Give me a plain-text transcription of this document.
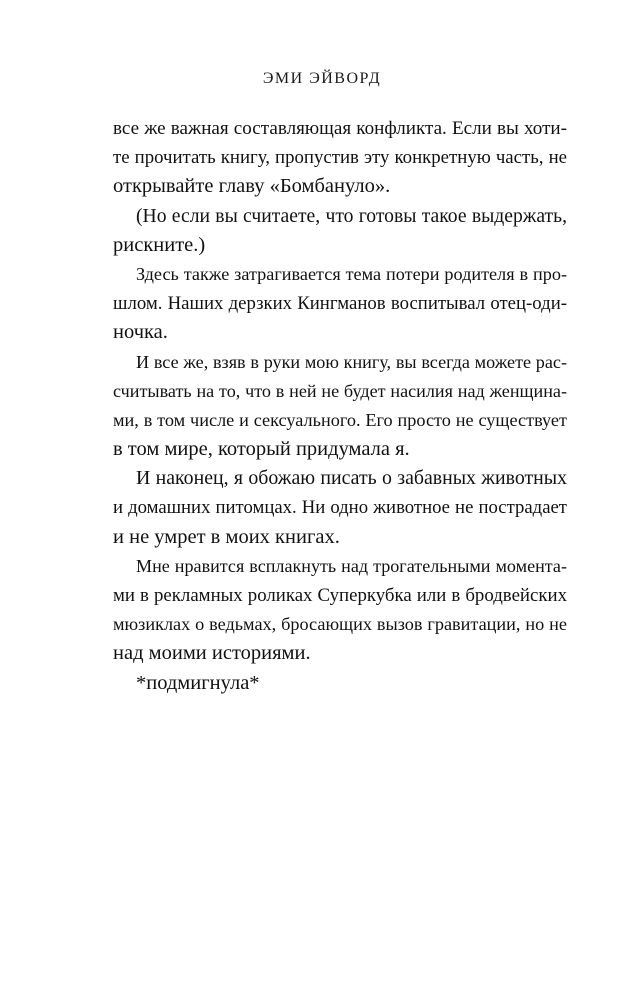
ЭМИ ЭЙВОРД
все же важная составляющая конфликта. Если вы хоти-
те прочитать книгу, пропустив эту конкретную часть, не
открывайте главу «Бомбануло».
(Но если вы считаете, что готовы такое выдержать,
рискните.)
Здесь также затрагивается тема потери родителя в про-
шлом. Наших дерзких Кингманов воспитывал отец-оди-
ночка.
И все же, взяв в руки мою книгу, вы всегда можете рас-
считывать на то, что в ней не будет насилия над женщина-
ми, в том числе и сексуального. Его просто не существует
в том мире, который придумала я.
И наконец, я обожаю писать о забавных животных
и домашних питомцах. Ни одно животное не пострадает
и не умрет в моих книгах.
Мне нравится всплакнуть над трогательными момента-
ми в рекламных роликах Суперкубка или в бродвейских
мюзиклах о ведьмах, бросающих вызов гравитации, но не
над моими историями.
*подмигнула*
